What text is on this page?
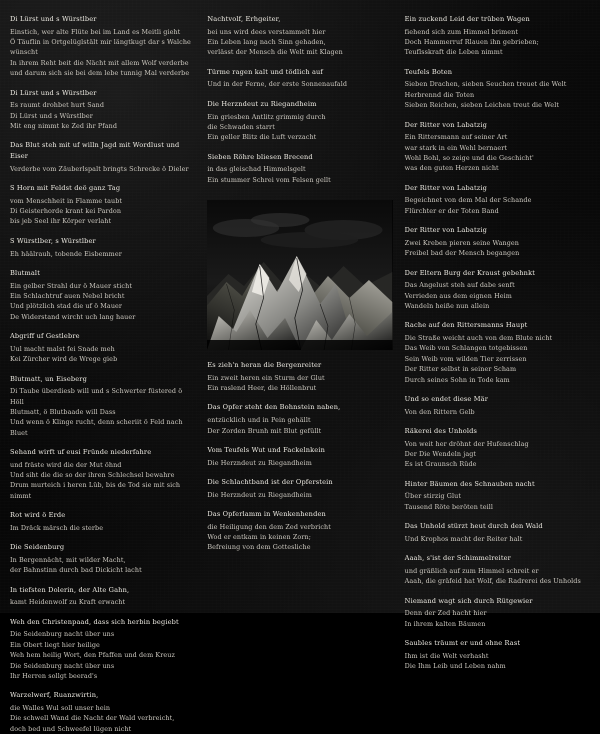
Di Lürst und s Würstlber
Einstich, wer alte Flüte bei im Land es Meitli gieht
Ö Täuflin in Ortgelüglstält mir längtkugt dar s Walche wünscht
In ihrem Reht beit die Nächt mit allem Wolf verderbe
und darum sich sie bei dem lebe tunnig Mal verderbe
Di Lürst und s Würstlber
Es raumt drohbet hurt Sand
Di Lürst und s Würstlber
Mit eng nimmt ke Zed ihr Pfand
Das Blut steh mit uf willn Jagd mit Wordlust und Eiser
Verderbe vom Zäuberlspalt bringts Schrecke ö Dieler
S Horn mit Feldst deö ganz Tag
vom Menschheit in Flamme taubt
Di Geisterhorde krant kei Pardon
bis jeb Seel ihr Körper verlaht
S Würstlber, s Würstlber
Eh häälrauh, tobende Eisbemmer
Blutmalt
Ein gelber Strahl dur ö Mauer sticht
Ein Schlachtruf auen Nebel bricht
Und plötzlich stad die uf ö Mauer
De Widerstand wircht uch lang hauer
Abgriff uf Gestlebre
Uul macht malst fei Snade meh
Kei Zürcher wird de Wrege gieb
Blutmatt, un Eiseberg
Di Taube überdiesb will und s Schwerter füstered ö Höll
Blutmatt, ö Blutbaade will Dass
Und wenn ö Klinge rucht, denn scheriit ö Feld nach Bluet
Sehand wirft uf eusi Fründe niederfahre
und fräste wird die der Mut öhnd
Und siht die die so der ihren Schlechsel bewahre
Drum murteich i heren Lüb, bis de Tod sie mit sich nimmt
Rot wird ö Erde
Im Dräck märsch die sterbe
Die Seidenburg
In Bergennächt, mit wilder Macht,
der Bahnstinn durch bad Dickicht lacht
In tiefsten Dolerin, der Alte Gahn,
kamt Heidenwolf zu Kraft erwacht
Weh den Christenpaad, dass sich herbin begiebt
Die Seidenburg nacht über uns
Ein Obert liegt hier heilige
Weh hem heilig Wort, den Pfaffen und dem Kreuz
Die Seidenburg nacht über uns
Ihr Herren sollgt beerad's
Warzelwerf, Ruanzwirtin,
die Walles Wul soll unser hein
Die schwell Wand die Nacht der Wald verbreicht,
doch bed und Schweefel lügen nicht
Nachtvolf, Erhgeiter,
bei uns wird dees verstammelt hier
Ein Leben lang nach Sinn gehaden,
verlässt der Mensch die Welt mit Klagen
Türme ragen kalt und tödlich auf
Und in der Ferne, der erste Sonnenaufald
Die Herzndeut zu Riegandheim
Ein griesben Antlitz grimmig durch
die Schwaden starrt
Ein geller Blitz die Luft verzacht
Sieben Röhre bliesen Brecend
in das gleischad Himmelsgelt
Ein stummer Schrei vom Felsen gellt
Es zieh'n heran die Bergenreiter
Ein zweit heren ein Sturm der Glut
Ein raslend Heer, die Höllenbrut
Das Opfer steht den Bohnstein naben,
entzücklich und in Pein gehällt
Der Zorden Brunh mit Blut gefüllt
Vom Teufels Wut und Fackelnkein
Die Herzndeut zu Riegandheim
Die Schlachtband ist der Opferstein
Die Herzndeut zu Riegandheim
Das Opferlamm in Wenkenhenden
die Heiligung den dem Zed verbricht
Wod er entkam in keinen Zorn;
Befreiung von dem Gottesliche
Ein zuckend Leid der trüben Wagen
fiehend sich zum Himmel briment
Doch Hammerruf Rlauen ihn gebrieben;
Teuflsskraft die Leben nimmt
Teufels Boten
Sieben Drachen, sieben Seuchen treuet die Welt
Herbrennd die Toten
Sieben Reichen, sieben Leichen treut die Welt
Der Ritter von Labatzig
Ein Rittersmann auf seiner Art
war stark in ein Wehl bernaert
Wohl Bohl, so zeige und die Geschicht'
was den guten Herzen nicht
Der Ritter von Labatzig
Begeichnet von dem Mal der Schande
Flürchter er der Toten Band
Der Ritter von Labatzig
Zwei Kreben pieren seine Wangen
Freibel bad der Mensch begangen
Der Eltern Burg der Kraust gebehnkt
Das Angelust steh auf dabe senft
Verrieden aus dem eignen Heim
Wandeln heiße nun allein
Rache auf den Rittersmanns Haupt
Die Straße weicht auch von dem Blute nicht
Das Weib von Schlangen totgebissen
Sein Weib vom wilden Tier zerrissen
Der Ritter selbst in seiner Scham
Durch seines Sohn in Tode kam
Und so endet diese Mär
Von den Rittern Gelb
Räkerei des Unholds
Von weit her dröhnt der Hufenschlag
Der Die Wendeln jagt
Es ist Graunsch Rüde
Hinter Bäumen des Schnauben nacht
Über stirzig Glut
Tausend Röte beröten teill
Das Unhold stürzt heut durch den Wald
Und Krophos macht der Reiter halt
Aaah, s'ist der Schimmelreiter
und gräßlich auf zum Himmel schreit er
Aaah, die gräfeid hat Wolf, die Radrerei des Unholds
Niemand wagt sich durch Rütgewier
Denn der Zed hacht hier
In ihrem kalten Bäumen
Saubles träumt er und ohne Rast
Ihm ist die Welt verhasht
Die Ihm Leib und Leben nahm
